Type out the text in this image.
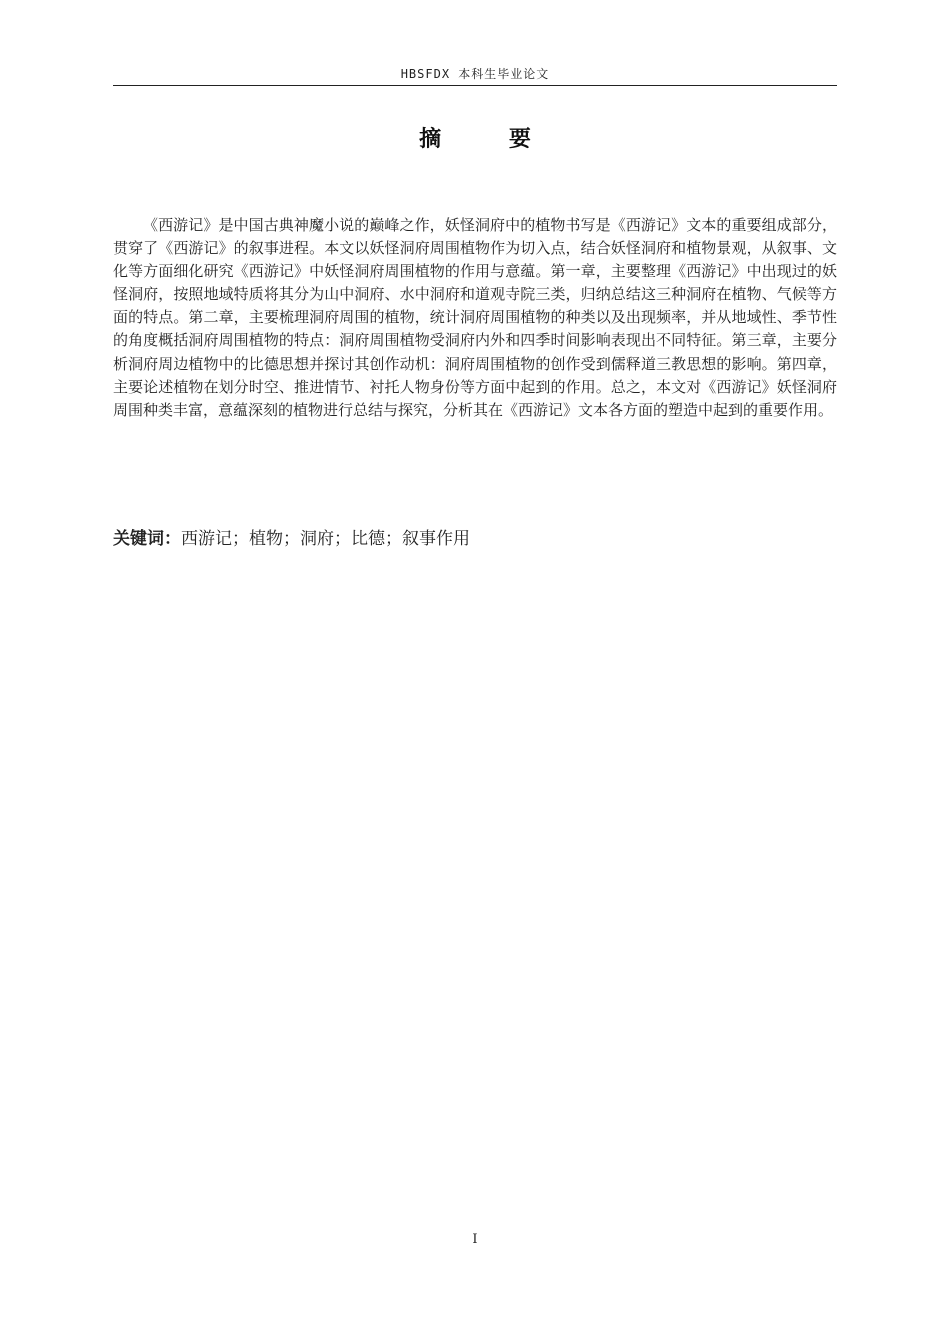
HBSFDX 本科生毕业论文
摘 要

《西游记》是中国古典神魔小说的巅峰之作，妖怪洞府中的植物书写是《西游记》文本的重要组成部分，贯穿了《西游记》的叙事进程。本文以妖怪洞府周围植物作为切入点，结合妖怪洞府和植物景观，从叙事、文化等方面细化研究《西游记》中妖怪洞府周围植物的作用与意蕴。第一章，主要整理《西游记》中出现过的妖怪洞府，按照地域特质将其分为山中洞府、水中洞府和道观寺院三类，归纳总结这三种洞府在植物、气候等方面的特点。第二章，主要梳理洞府周围的植物，统计洞府周围植物的种类以及出现频率，并从地域性、季节性的角度概括洞府周围植物的特点：洞府周围植物受洞府内外和四季时间影响表现出不同特征。第三章，主要分析洞府周边植物中的比德思想并探讨其创作动机：洞府周围植物的创作受到儒释道三教思想的影响。第四章，主要论述植物在划分时空、推进情节、衬托人物身份等方面中起到的作用。总之，本文对《西游记》妖怪洞府周围种类丰富，意蕴深刻的植物进行总结与探究，分析其在《西游记》文本各方面的塑造中起到的重要作用。

关键词：西游记；植物；洞府；比德；叙事作用
I
